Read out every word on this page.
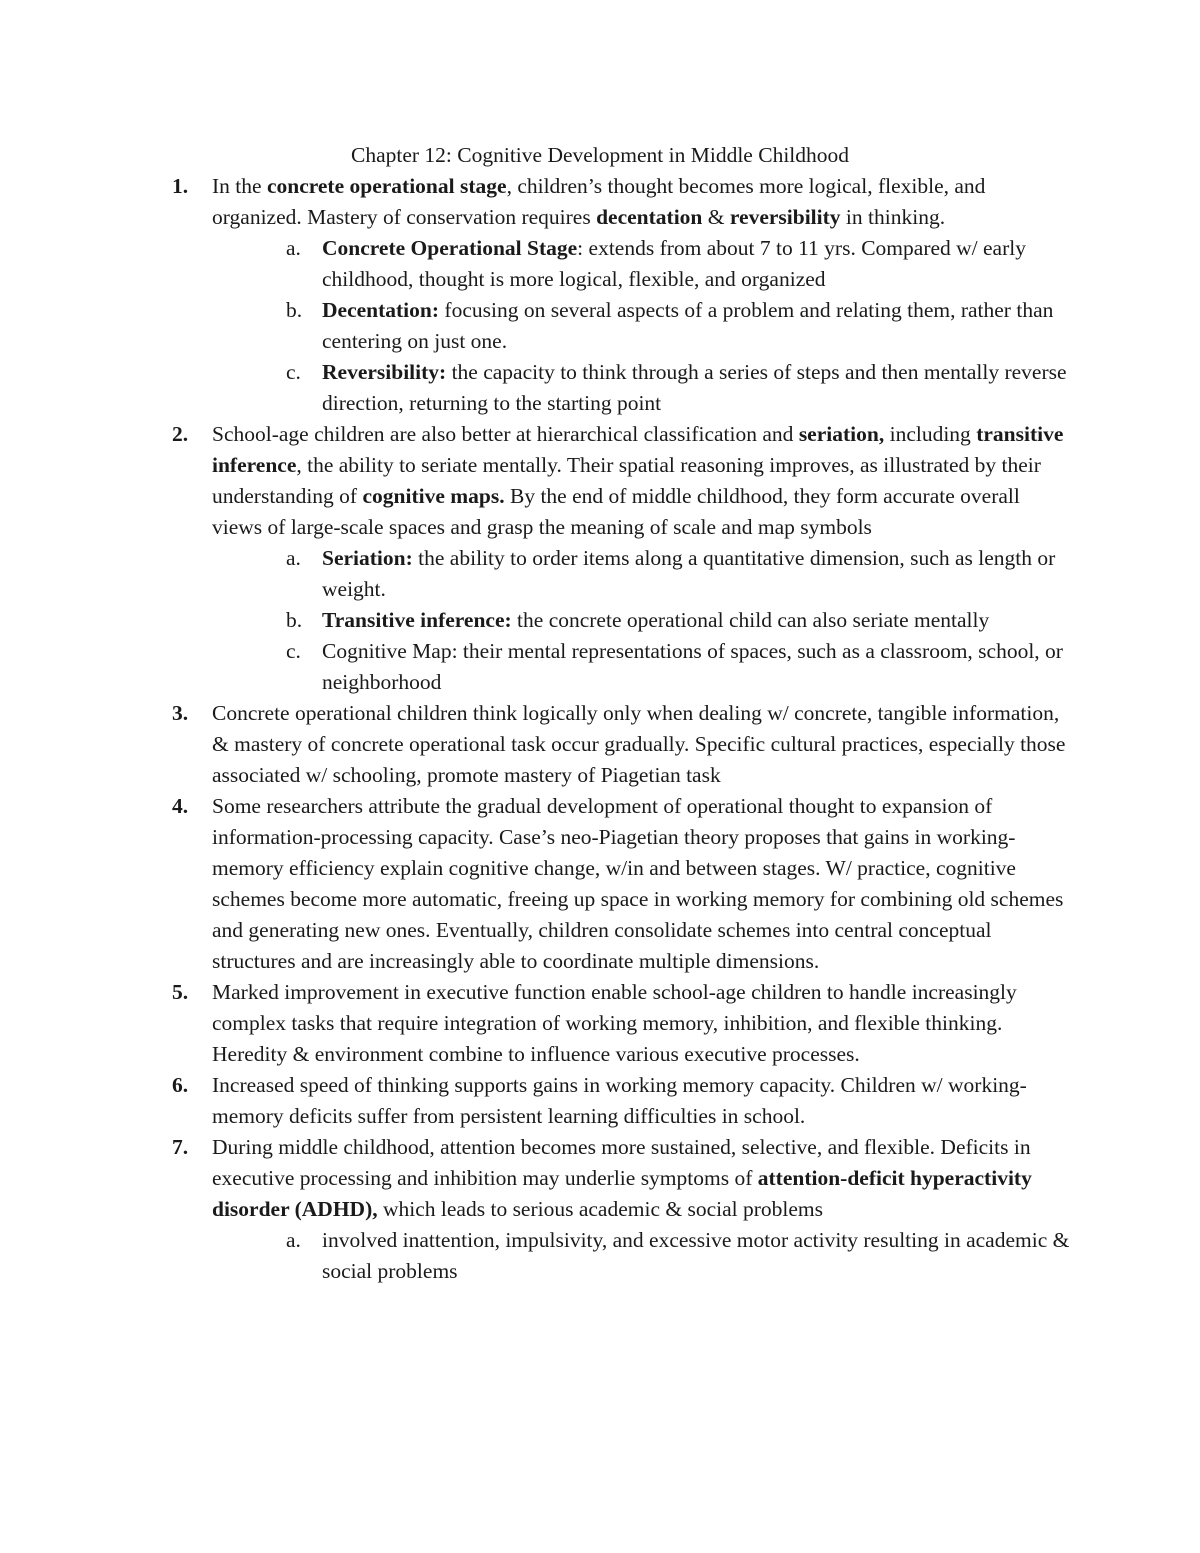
Chapter 12: Cognitive Development in Middle Childhood
1. In the concrete operational stage, children’s thought becomes more logical, flexible, and organized. Mastery of conservation requires decentation & reversibility in thinking.
a. Concrete Operational Stage: extends from about 7 to 11 yrs. Compared w/ early childhood, thought is more logical, flexible, and organized
b. Decentation: focusing on several aspects of a problem and relating them, rather than centering on just one.
c. Reversibility: the capacity to think through a series of steps and then mentally reverse direction, returning to the starting point
2. School-age children are also better at hierarchical classification and seriation, including transitive inference, the ability to seriate mentally. Their spatial reasoning improves, as illustrated by their understanding of cognitive maps. By the end of middle childhood, they form accurate overall views of large-scale spaces and grasp the meaning of scale and map symbols
a. Seriation: the ability to order items along a quantitative dimension, such as length or weight.
b. Transitive inference: the concrete operational child can also seriate mentally
c. Cognitive Map: their mental representations of spaces, such as a classroom, school, or neighborhood
3. Concrete operational children think logically only when dealing w/ concrete, tangible information, & mastery of concrete operational task occur gradually. Specific cultural practices, especially those associated w/ schooling, promote mastery of Piagetian task
4. Some researchers attribute the gradual development of operational thought to expansion of information-processing capacity. Case’s neo-Piagetian theory proposes that gains in working-memory efficiency explain cognitive change, w/in and between stages. W/ practice, cognitive schemes become more automatic, freeing up space in working memory for combining old schemes and generating new ones. Eventually, children consolidate schemes into central conceptual structures and are increasingly able to coordinate multiple dimensions.
5. Marked improvement in executive function enable school-age children to handle increasingly complex tasks that require integration of working memory, inhibition, and flexible thinking. Heredity & environment combine to influence various executive processes.
6. Increased speed of thinking supports gains in working memory capacity. Children w/ working-memory deficits suffer from persistent learning difficulties in school.
7. During middle childhood, attention becomes more sustained, selective, and flexible. Deficits in executive processing and inhibition may underlie symptoms of attention-deficit hyperactivity disorder (ADHD), which leads to serious academic & social problems
a. involved inattention, impulsivity, and excessive motor activity resulting in academic & social problems
